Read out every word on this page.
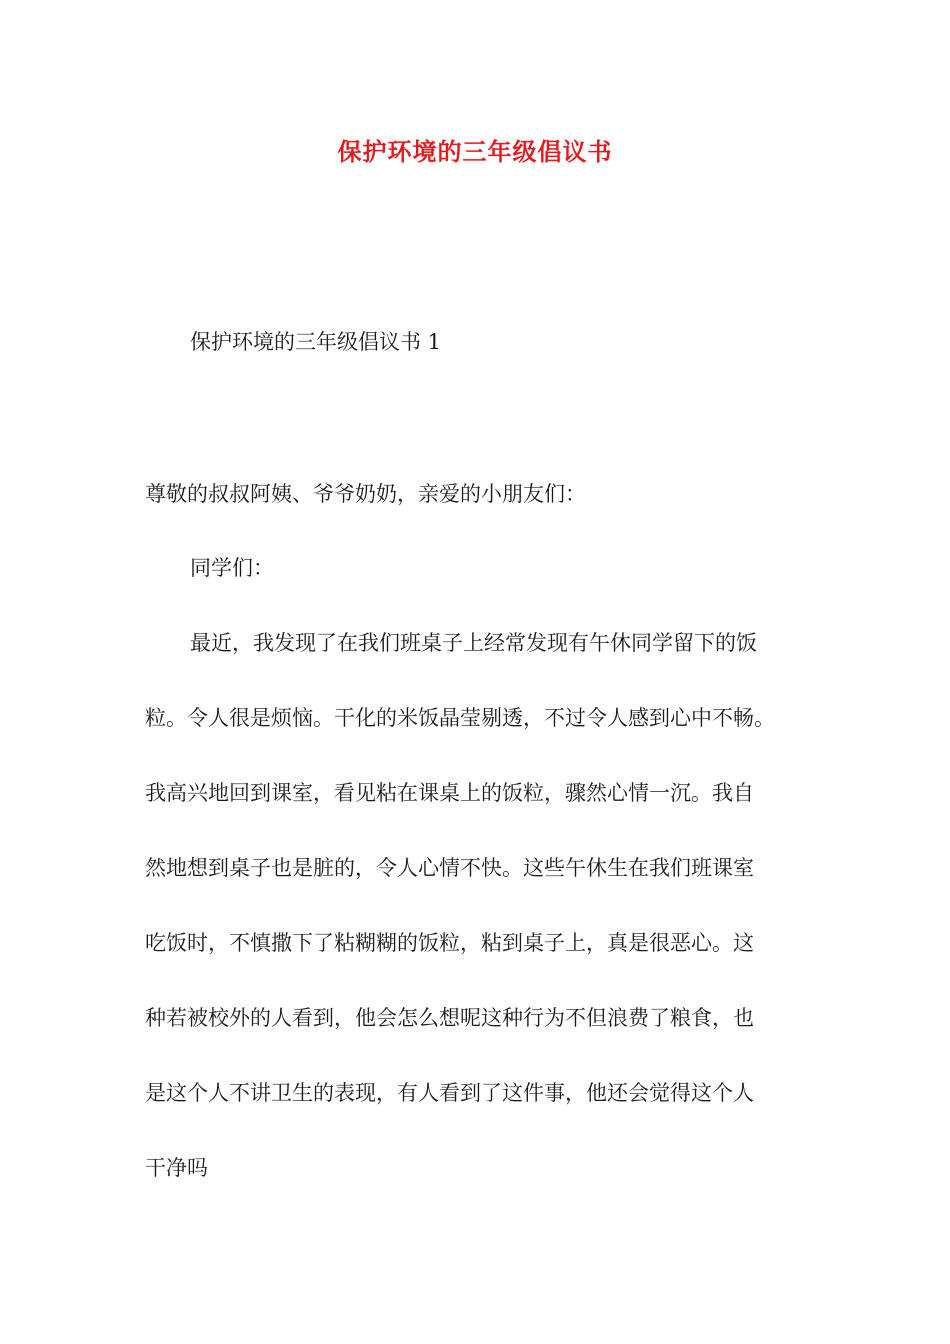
保护环境的三年级倡议书

保护环境的三年级倡议书 1

尊敬的叔叔阿姨、爷爷奶奶，亲爱的小朋友们：

同学们：

最近，我发现了在我们班桌子上经常发现有午休同学留下的饭

粒。令人很是烦恼。干化的米饭晶莹剔透，不过令人感到心中不畅。

我高兴地回到课室，看见粘在课桌上的饭粒，骤然心情一沉。我自

然地想到桌子也是脏的，令人心情不快。这些午休生在我们班课室

吃饭时，不慎撒下了粘糊糊的饭粒，粘到桌子上，真是很恶心。这

种若被校外的人看到，他会怎么想呢这种行为不但浪费了粮食，也

是这个人不讲卫生的表现，有人看到了这件事，他还会觉得这个人

干净吗
